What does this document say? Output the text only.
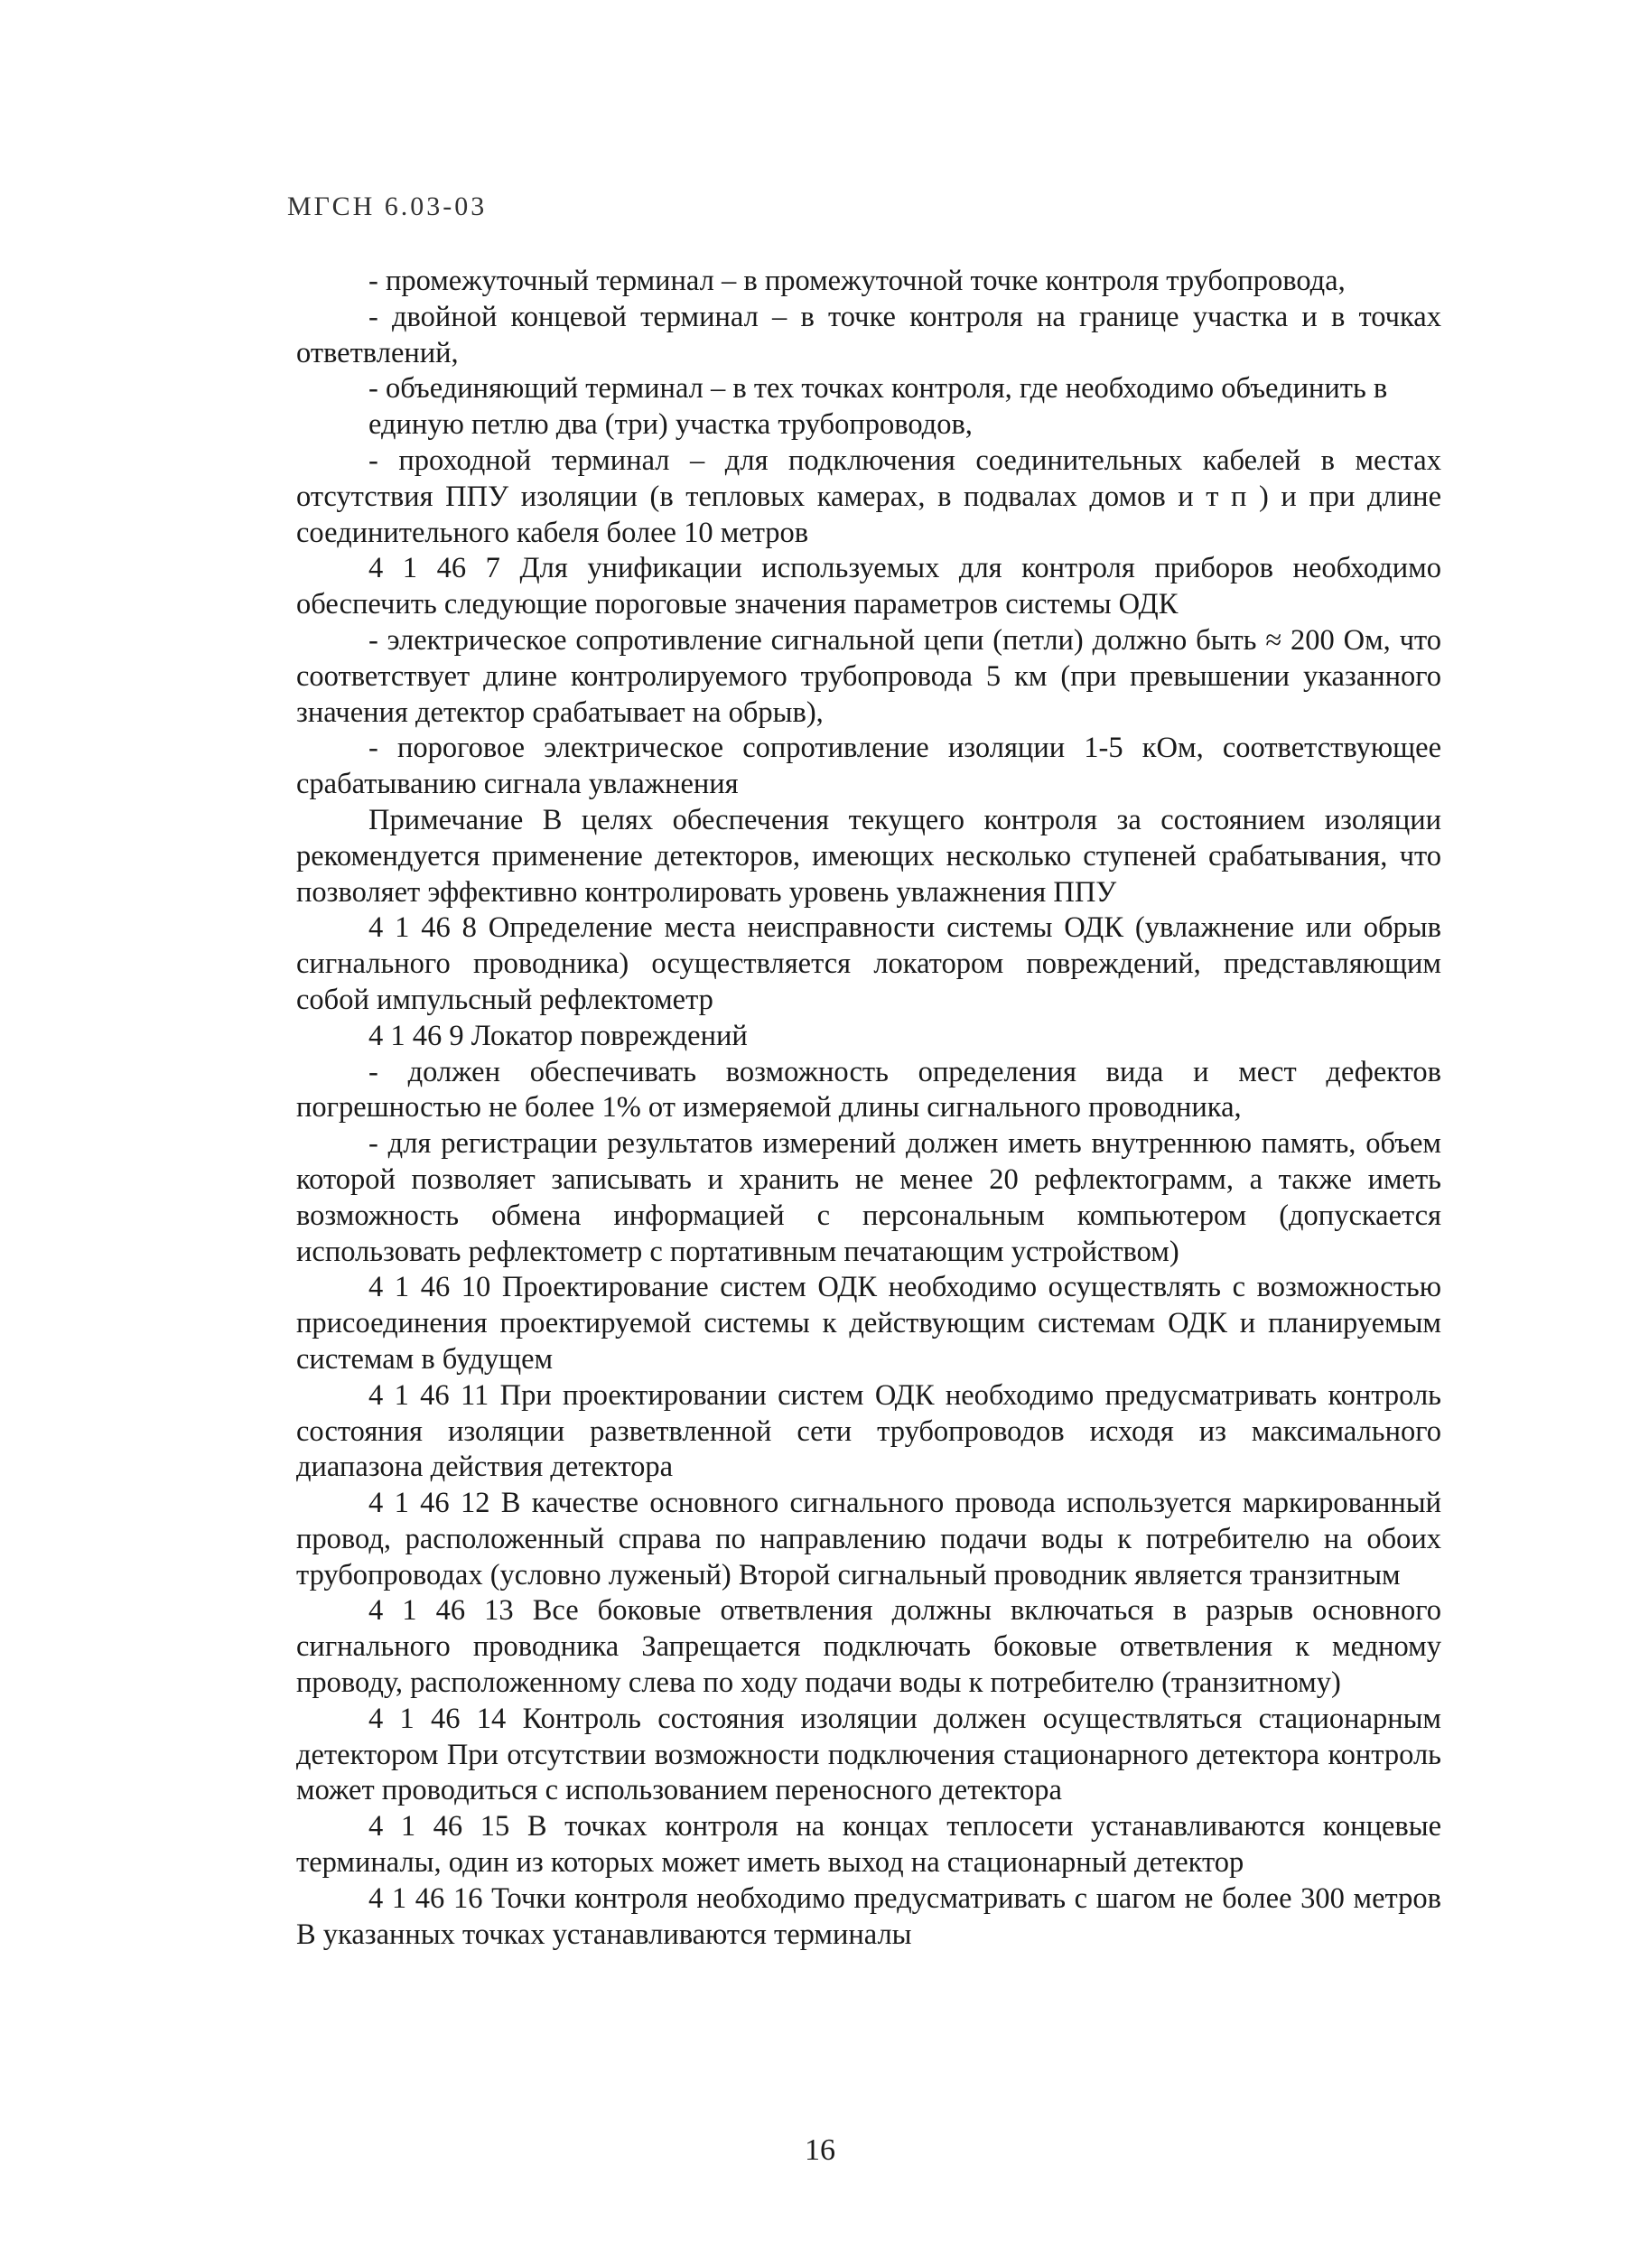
МГСН 6.03-03

- промежуточный терминал – в промежуточной точке контроля трубопровода,

- двойной концевой терминал – в точке контроля на границе участка и в точках ответвлений,

- объединяющий терминал – в тех точках контроля, где необходимо объединить в

единую петлю два (три) участка трубопроводов,

- проходной терминал – для подключения соединительных кабелей в местах отсутствия ППУ изоляции (в тепловых камерах, в подвалах домов и т п ) и при длине соединительного кабеля более 10 метров

4 1 46 7 Для унификации используемых для контроля приборов необходимо обеспечить следующие пороговые значения параметров системы ОДК

- электрическое сопротивление сигнальной цепи (петли) должно быть ≈ 200 Ом, что соответствует длине контролируемого трубопровода 5 км (при превышении указанного значения детектор срабатывает на обрыв),

- пороговое электрическое сопротивление изоляции 1-5 кОм, соответствующее срабатыванию сигнала увлажнения

Примечание В целях обеспечения текущего контроля за состоянием изоляции рекомендуется применение детекторов, имеющих несколько ступеней срабатывания, что позволяет эффективно контролировать уровень увлажнения ППУ

4 1 46 8 Определение места неисправности системы ОДК (увлажнение или обрыв сигнального проводника) осуществляется локатором повреждений, представляющим собой импульсный рефлектометр

4 1 46 9 Локатор повреждений

- должен обеспечивать возможность определения вида и мест дефектов погрешностью не более 1% от измеряемой длины сигнального проводника,

- для регистрации результатов измерений должен иметь внутреннюю память, объем которой позволяет записывать и хранить не менее 20 рефлектограмм, а также иметь возможность обмена информацией с персональным компьютером (допускается использовать рефлектометр с портативным печатающим устройством)

4 1 46 10 Проектирование систем ОДК необходимо осуществлять с возможностью присоединения проектируемой системы к действующим системам ОДК и планируемым системам в будущем

4 1 46 11 При проектировании систем ОДК необходимо предусматривать контроль состояния изоляции разветвленной сети трубопроводов исходя из максимального диапазона действия детектора

4 1 46 12 В качестве основного сигнального провода используется маркированный провод, расположенный справа по направлению подачи воды к потребителю на обоих трубопроводах (условно луженый) Второй сигнальный проводник является транзитным

4 1 46 13 Все боковые ответвления должны включаться в разрыв основного сигнального проводника Запрещается подключать боковые ответвления к медному проводу, расположенному слева по ходу подачи воды к потребителю (транзитному)

4 1 46 14 Контроль состояния изоляции должен осуществляться стационарным детектором При отсутствии возможности подключения стационарного детектора контроль может проводиться с использованием переносного детектора

4 1 46 15 В точках контроля на концах теплосети устанавливаются концевые терминалы, один из которых может иметь выход на стационарный детектор

4 1 46 16 Точки контроля необходимо предусматривать с шагом не более 300 метров В указанных точках устанавливаются терминалы

16
